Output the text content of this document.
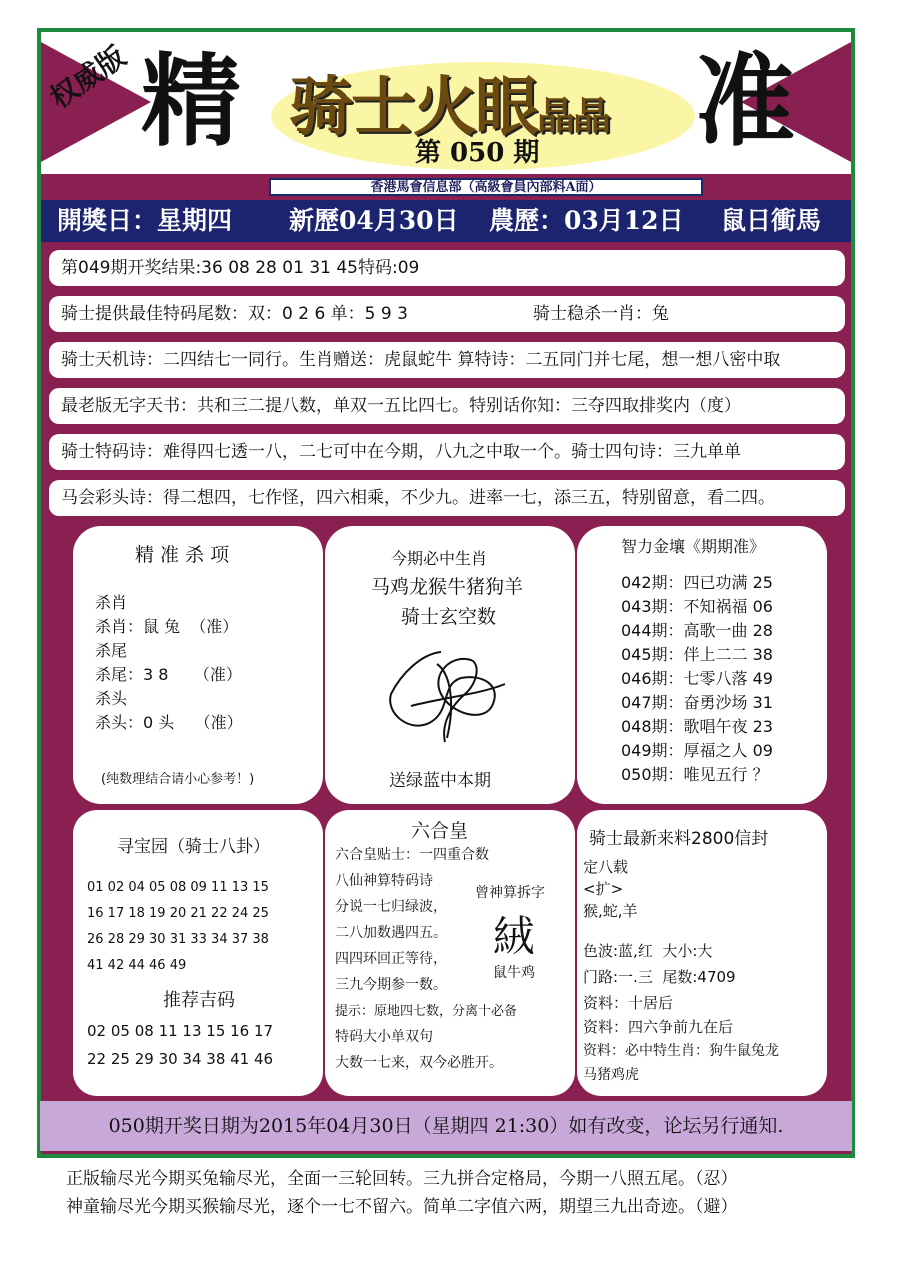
权威版 精 骑士火眼晶晶
第 050 期 准
香港馬會信息部（高級會員內部料A面）
開獎日：星期四 新歷04月30日 農歷：03月12日 鼠日衝馬
第049期开奖结果:36 08 28 01 31 45特码:09
骑士提供最佳特码尾数：双：0 2 6 单：5 9 3	骑士稳杀一肖：兔
骑士天机诗：二四结七一同行。生肖赠送：虎鼠蛇牛 算特诗：二五同门并七尾，想一想八密中取
最老版无字天书：共和三二提八数，单双一五比四七。特别话你知：三夺四取排奖内（度）
骑士特码诗：难得四七透一八，二七可中在今期，八九之中取一个。骑士四句诗：三九单单
马会彩头诗：得二想四，七作怪，四六相乘，不少九。进率一七，添三五，特别留意，看二四。
精 准 杀 项
杀肖
杀肖：鼠 兔  （准）
杀尾
杀尾：3 8     （准）
杀头
杀头：0 头    （准）
(纯数理结合请小心参考！)
今期必中生肖
马鸡龙猴牛猪狗羊
骑士玄空数
送绿蓝中本期
智力金壤《期期准》
042期：四已功满 25
043期：不知祸福 06
044期：高歌一曲 28
045期：伴上二二 38
046期：七零八落 49
047期：奋勇沙场 31
048期：歌唱午夜 23
049期：厚福之人 09
050期：唯见五行 ？
寻宝园（骑士八卦）
01 02 04 05 08 09 11 13 15
16 17 18 19 20 21 22 24 25
26 28 29 30 31 33 34 37 38
41 42 44 46 49
推荐吉码
02 05 08 11 13 15 16 17
22 25 29 30 34 38 41 46
六合皇
六合皇贴士：一四重合数
八仙神算特码诗
分说一七归绿波，
二八加数遇四五。
四四环回正等待，
三九今期参一数。
提示：原地四七数，分离十必备
特码大小单双句
大数一七来，双今必胜开。
曾神算拆字
絨
鼠牛鸡
骑士最新来料2800信封
定八载
<扩>
猴,蛇,羊
色波:蓝,红  大小:大
门路:一.三  尾数:4709
资料：十居后
资料：四六争前九在后
资料：必中特生肖：狗牛鼠兔龙
马猪鸡虎
050期开奖日期为2015年04月30日（星期四 21:30）如有改变，论坛另行通知.
正版输尽光今期买兔输尽光，全面一三轮回转。三九拼合定格局，今期一八照五尾。（忍）
神童输尽光今期买猴输尽光，逐个一七不留六。简单二字值六两，期望三九出奇迹。（避）
